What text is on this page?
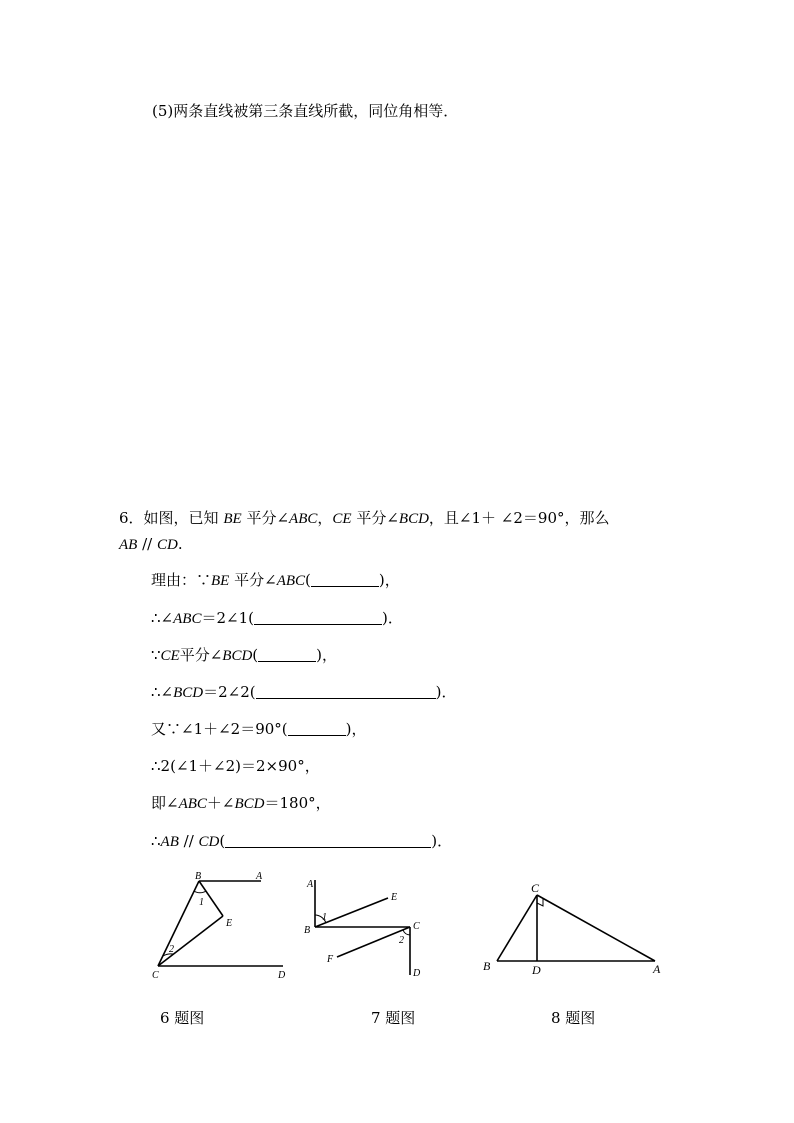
(5)两条直线被第三条直线所截，同位角相等．
6．如图，已知 BE 平分∠ABC，CE 平分∠BCD，且∠1＋ ∠2＝90°，那么
AB // CD.
理由：∵BE 平分∠ABC(	)，
∴∠ABC＝2∠1(	)．
∵CE平分∠BCD(	)，
∴∠BCD＝2∠2(	)．
又∵∠1＋∠2＝90°(	)，
∴2(∠1＋∠2)＝2×90°，
即∠ABC＋∠BCD＝180°，
∴AB // CD(	)．
B	A
1
E
2
C	D
6 题图
A
E
1
B	C
2
F
D
7 题图
C
B	D	A
8 题图
